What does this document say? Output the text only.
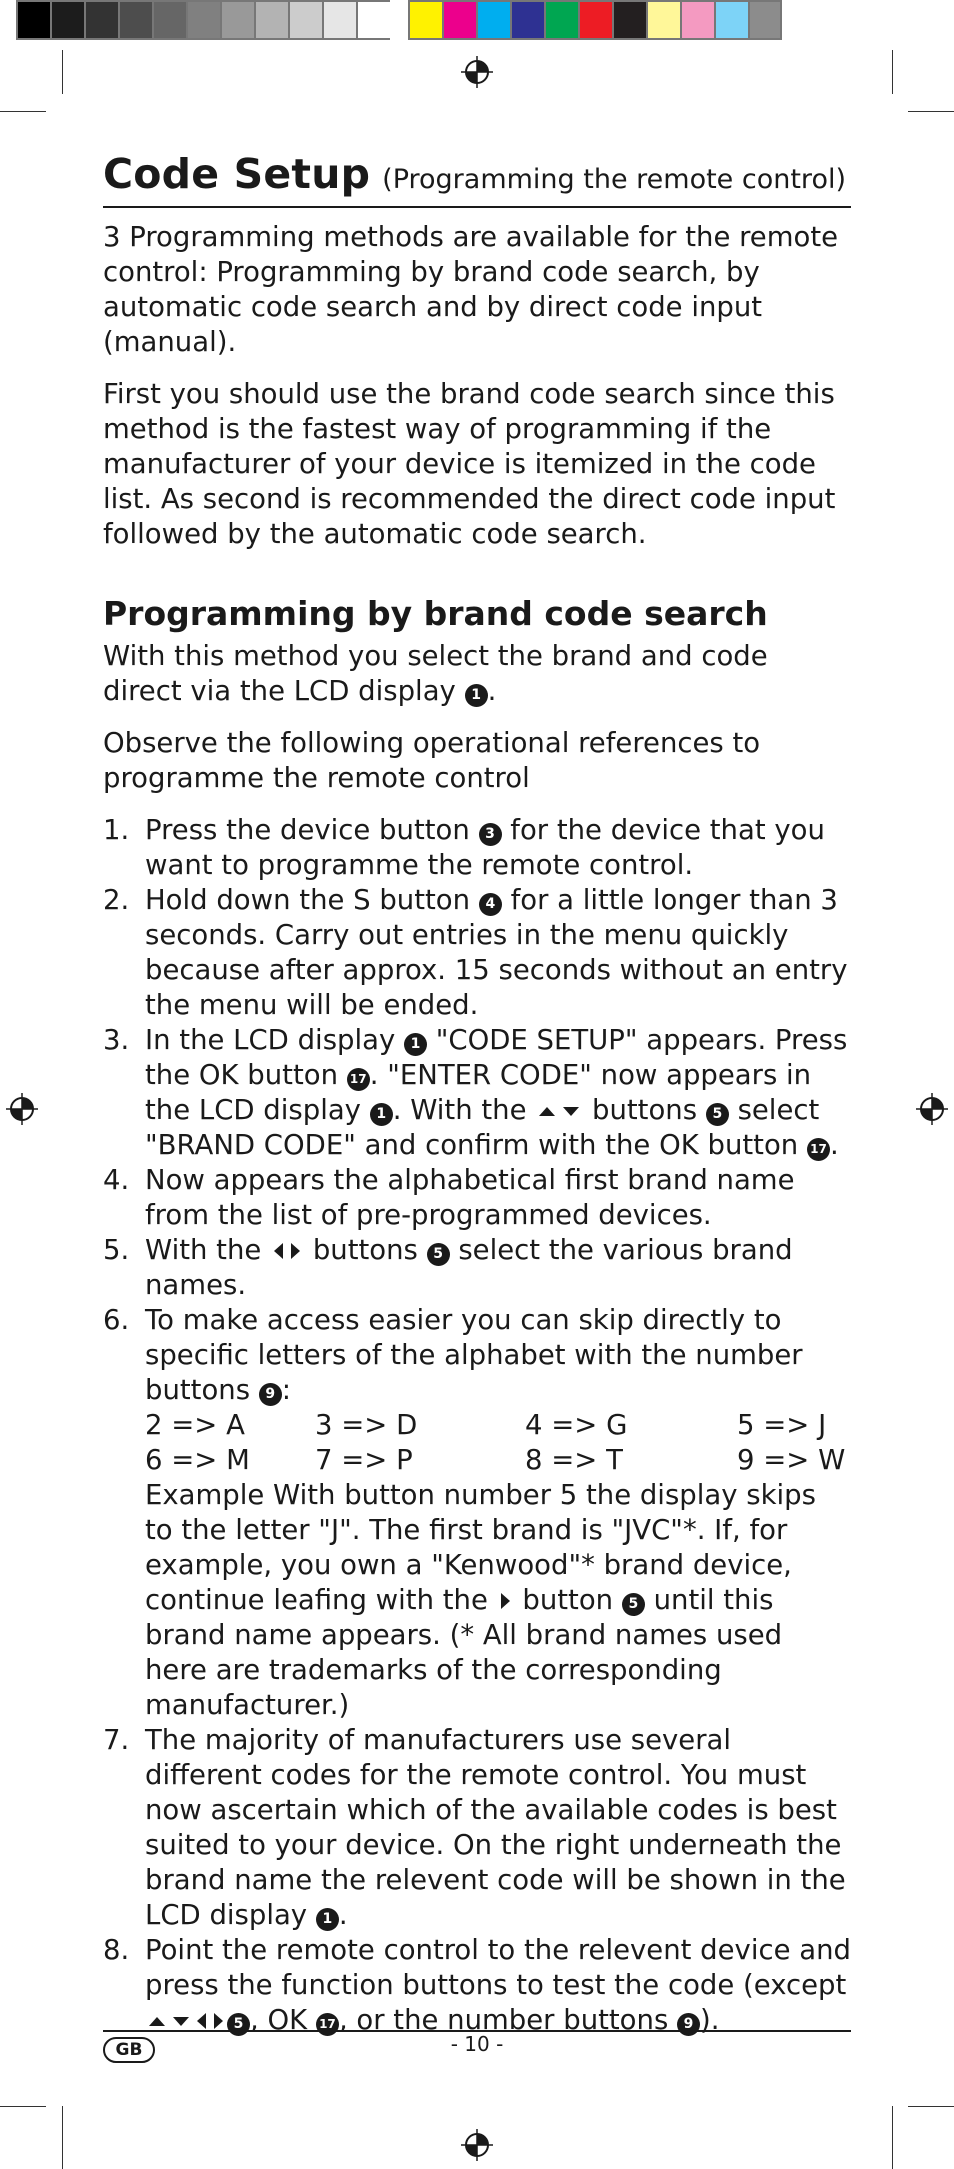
Code Setup (Programming the remote control)

3 Programming methods are available for the remote control: Programming by brand code search, by automatic code search and by direct code input (manual).

First you should use the brand code search since this method is the fastest way of programming if the manufacturer of your device is itemized in the code list. As second is recommended the direct code input followed by the automatic code search.

Programming by brand code search

With this method you select the brand and code direct via the LCD display 1 .

Observe the following operational references to programme the remote control

1. Press the device button 3 for the device that you want to programme the remote control.
2. Hold down the S button 4 for a little longer than 3 seconds. Carry out entries in the menu quickly because after approx. 15 seconds without an entry the menu will be ended.
3. In the LCD display 1 "CODE SETUP" appears. Press the OK button 17 . "ENTER CODE" now appears in the LCD display 1 . With the buttons 5 select "BRAND CODE" and confirm with the OK button 17 .
4. Now appears the alphabetical first brand name from the list of pre-programmed devices.
5. With the buttons 5 select the various brand names.
6. To make access easier you can skip directly to specific letters of the alphabet with the number buttons 9 :
2 => A	3 => D	4 => G	5 => J
6 => M	7 => P	8 => T	9 => W
Example With button number 5 the display skips to the letter "J". The first brand is "JVC"*. If, for example, you own a "Kenwood"* brand device, continue leafing with the button 5 until this brand name appears. (* All brand names used here are trademarks of the corresponding manufacturer.)
7. The majority of manufacturers use several different codes for the remote control. You must now ascertain which of the available codes is best suited to your device. On the right underneath the brand name the relevent code will be shown in the LCD display 1 .
8. Point the remote control to the relevent device and press the function buttons to test the code (except 5 , OK 17 , or the number buttons 9 ).
GB	- 10 -
